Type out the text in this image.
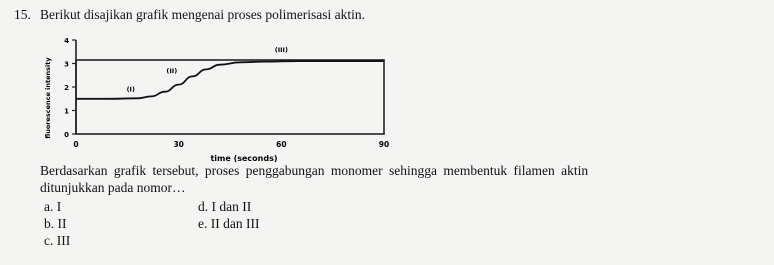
15. Berikut disajikan grafik mengenai proses polimerisasi aktin.
0
1
2
3
4
0	30	60	90
(I)
(II)
(III)
fluorescence intensity
time (seconds)
Berdasarkan grafik tersebut, proses penggabungan monomer sehingga membentuk filamen aktin
ditunjukkan pada nomor…
a. I
b. II
c. III
d. I dan II
e. II dan III
